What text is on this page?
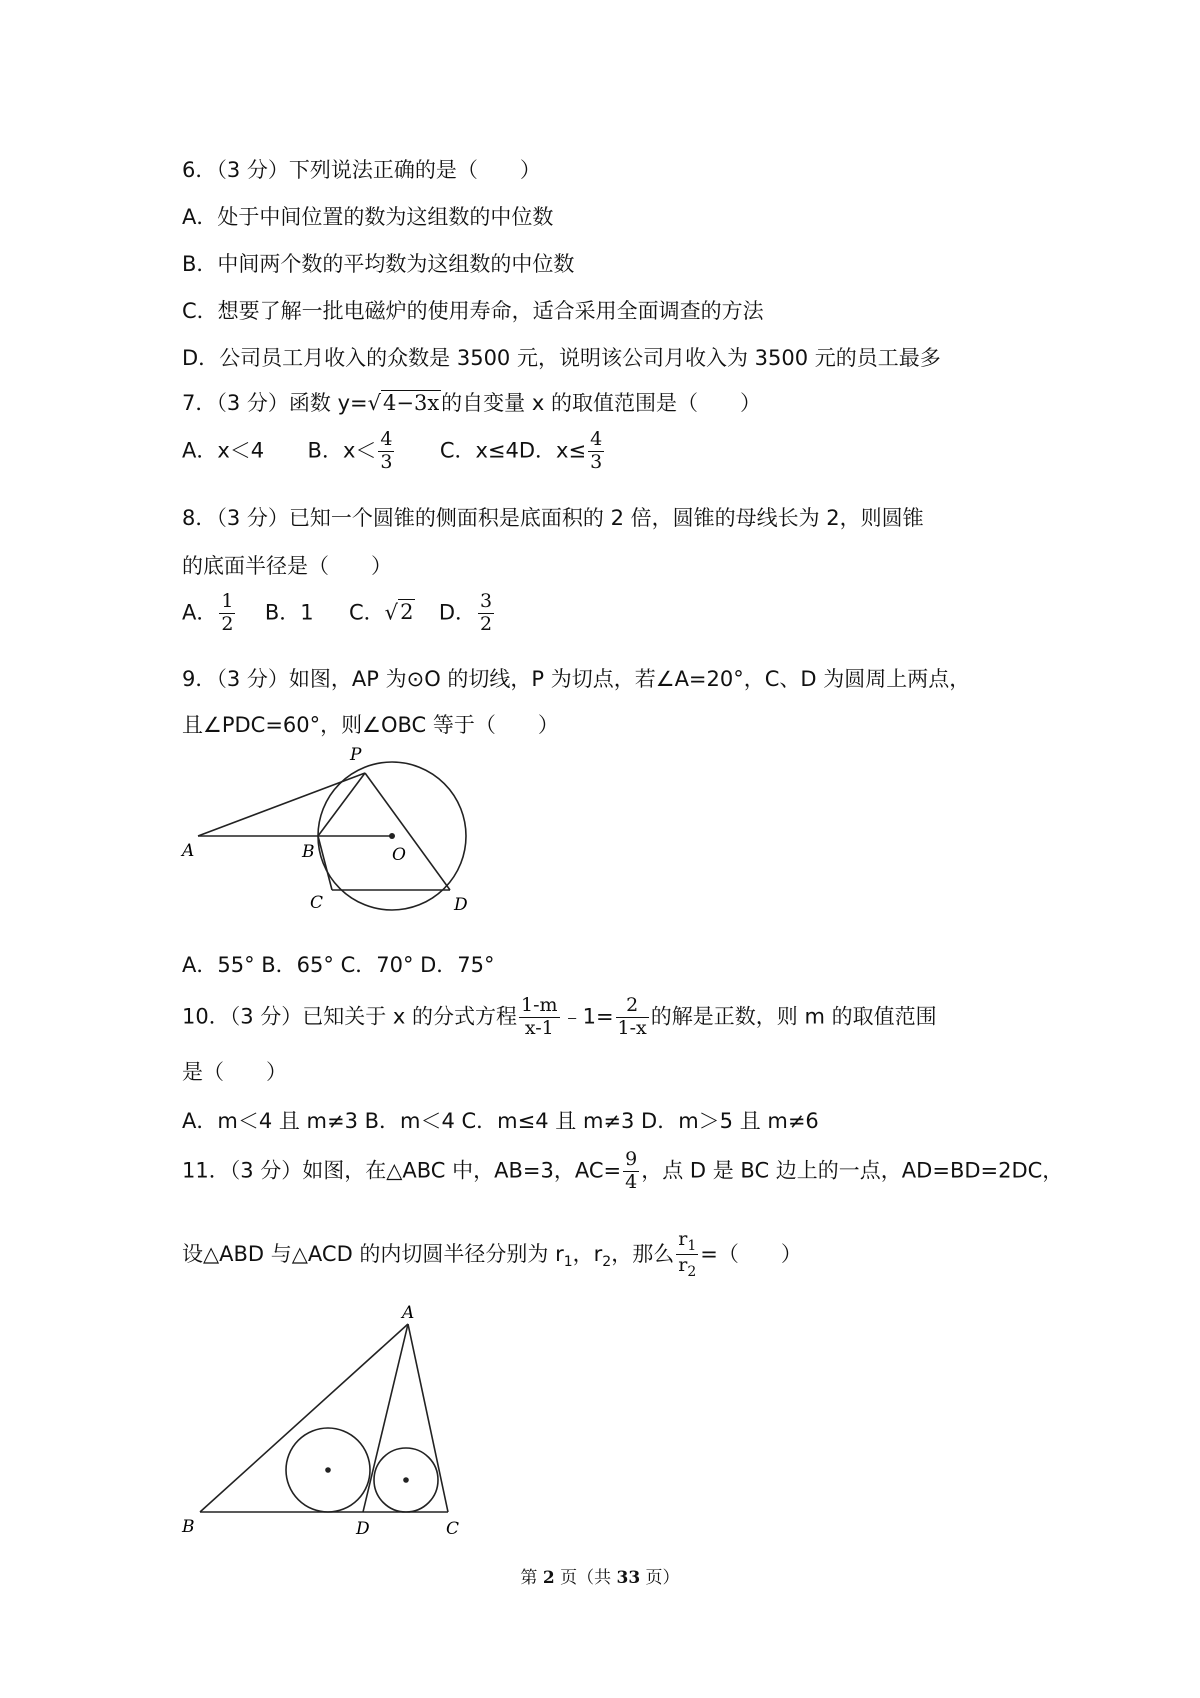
6．（3 分）下列说法正确的是（　　）
A．处于中间位置的数为这组数的中位数
B．中间两个数的平均数为这组数的中位数
C．想要了解一批电磁炉的使用寿命，适合采用全面调查的方法
D．公司员工月收入的众数是 3500 元，说明该公司月收入为 3500 元的员工最多
7．（3 分）函数 y=√4−3x的自变量 x 的取值范围是（　　）
A．x＜4 B．$x< \frac{4}{3}$ C．x≤4D．$x\le \frac{4}{3}$
8．（3 分）已知一个圆锥的侧面积是底面积的 2 倍，圆锥的母线长为 2，则圆锥
的底面半径是（　　）
A． $\frac{1}{2}$ B．1 C．√2 D． $\frac{3}{2}$
9．（3 分）如图，AP 为⊙O 的切线，P 为切点，若∠A=20°，C、D 为圆周上两点，
且∠PDC=60°，则∠OBC 等于（　　）
P
A	B	O
C	D
A．55° B．65° C．70° D．75°
10．（3 分）已知关于 x 的分式方程 $\frac{1-m}{x-1}$ ﹣1= $\frac{2}{1-x}$ 的解是正数，则 m 的取值范围
是（　　）
A．m＜4 且 m≠3 B．m＜4 C．m≤4 且 m≠3 D．m＞5 且 m≠6
11．（3 分）如图，在△ABC 中，AB=3，$AC= \frac{9}{4}$ ，点 D 是 BC 边上的一点，AD=BD=2DC，
设△ABD 与△ACD 的内切圆半径分别为 $r_1$，$r_2$，那么 $\frac{r_1}{r_2}$ =（　　）
A
B	D	C
第 2 页（共 33 页）
